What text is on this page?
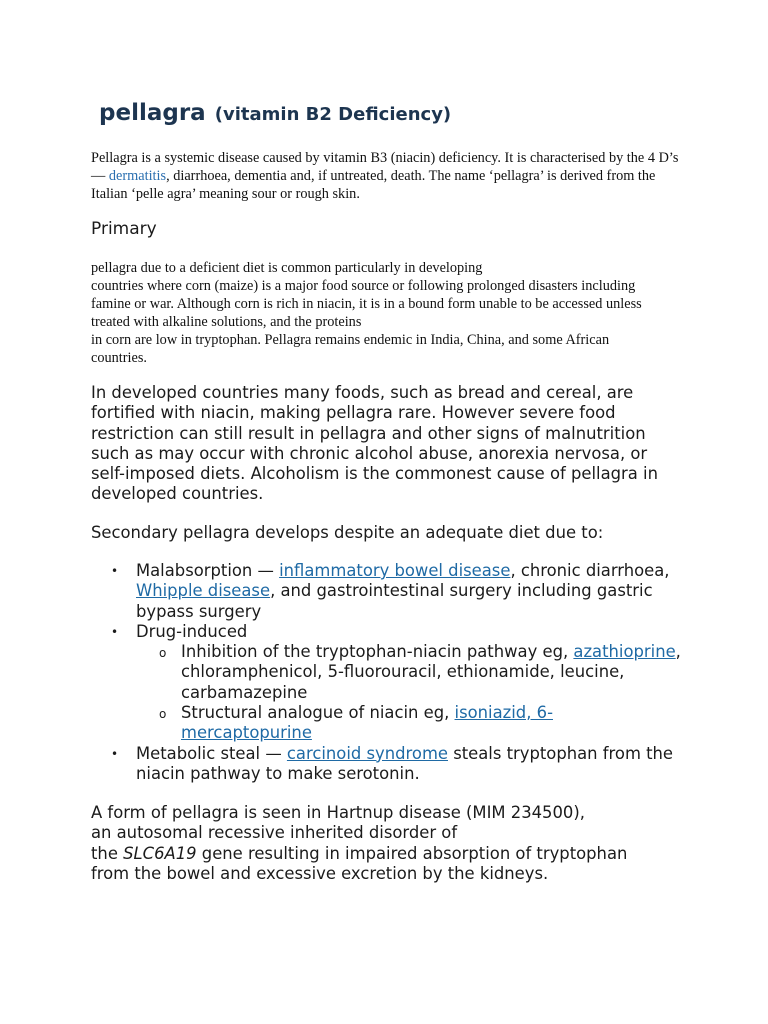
pellagra (vitamin B2 Deficiency)
Pellagra is a systemic disease caused by vitamin B3 (niacin) deficiency. It is characterised by the 4 D’s — dermatitis, diarrhoea, dementia and, if untreated, death. The name ‘pellagra’ is derived from the Italian ‘pelle agra’ meaning sour or rough skin.
Primary
pellagra due to a deficient diet is common particularly in developing
countries where corn (maize) is a major food source or following prolonged disasters including
famine or war. Although corn is rich in niacin, it is in a bound form unable to be accessed unless
treated with alkaline solutions, and the proteins
in corn are low in tryptophan. Pellagra remains endemic in India, China, and some African
countries.
In developed countries many foods, such as bread and cereal, are
fortified with niacin, making pellagra rare. However severe food
restriction can still result in pellagra and other signs of malnutrition
such as may occur with chronic alcohol abuse, anorexia nervosa, or
self-imposed diets. Alcoholism is the commonest cause of pellagra in
developed countries.
Secondary pellagra develops despite an adequate diet due to:
• Malabsorption — inflammatory bowel disease, chronic diarrhoea, Whipple disease, and gastrointestinal surgery including gastric bypass surgery
• Drug-induced
o Inhibition of the tryptophan-niacin pathway eg, azathioprine, chloramphenicol, 5-fluorouracil, ethionamide, leucine, carbamazepine
o Structural analogue of niacin eg, isoniazid, 6-mercaptopurine
• Metabolic steal — carcinoid syndrome steals tryptophan from the niacin pathway to make serotonin.
A form of pellagra is seen in Hartnup disease (MIM 234500),
an autosomal recessive inherited disorder of
the SLC6A19 gene resulting in impaired absorption of tryptophan
from the bowel and excessive excretion by the kidneys.
